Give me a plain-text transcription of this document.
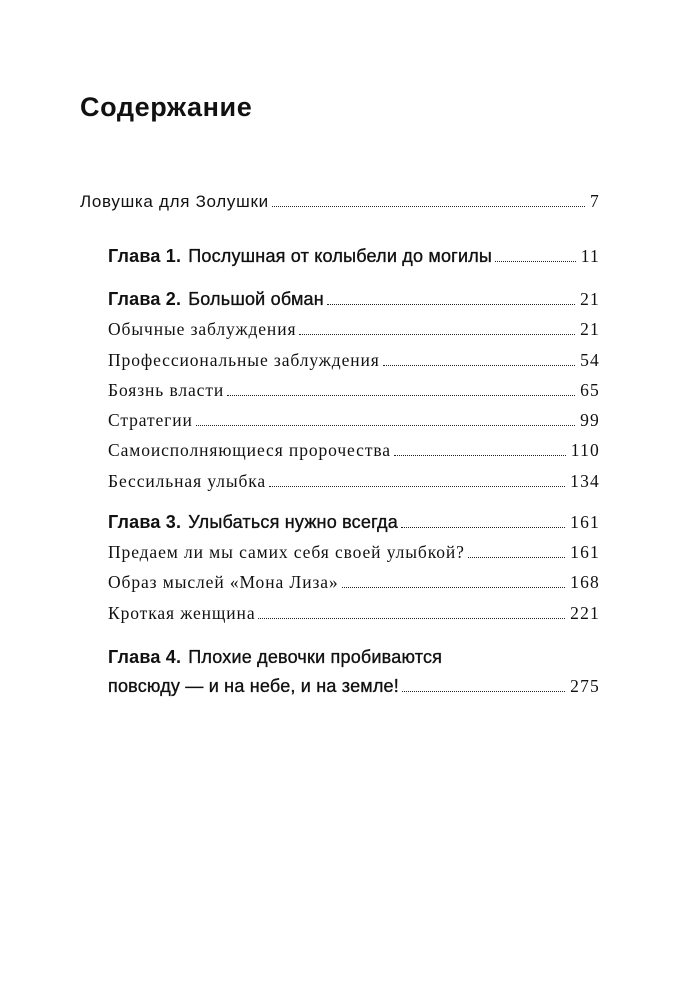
Содержание
Ловушка для Золушки	7
Глава 1. Послушная от колыбели до могилы	11
Глава 2. Большой обман	21
Обычные заблуждения	21
Профессиональные заблуждения	54
Боязнь власти	65
Стратегии	99
Самоисполняющиеся пророчества	110
Бессильная улыбка	134
Глава 3. Улыбаться нужно всегда	161
Предаем ли мы самих себя своей улыбкой?	161
Образ мыслей «Мона Лиза»	168
Кроткая женщина	221
Глава 4. Плохие девочки пробиваются
повсюду — и на небе, и на земле!	275
